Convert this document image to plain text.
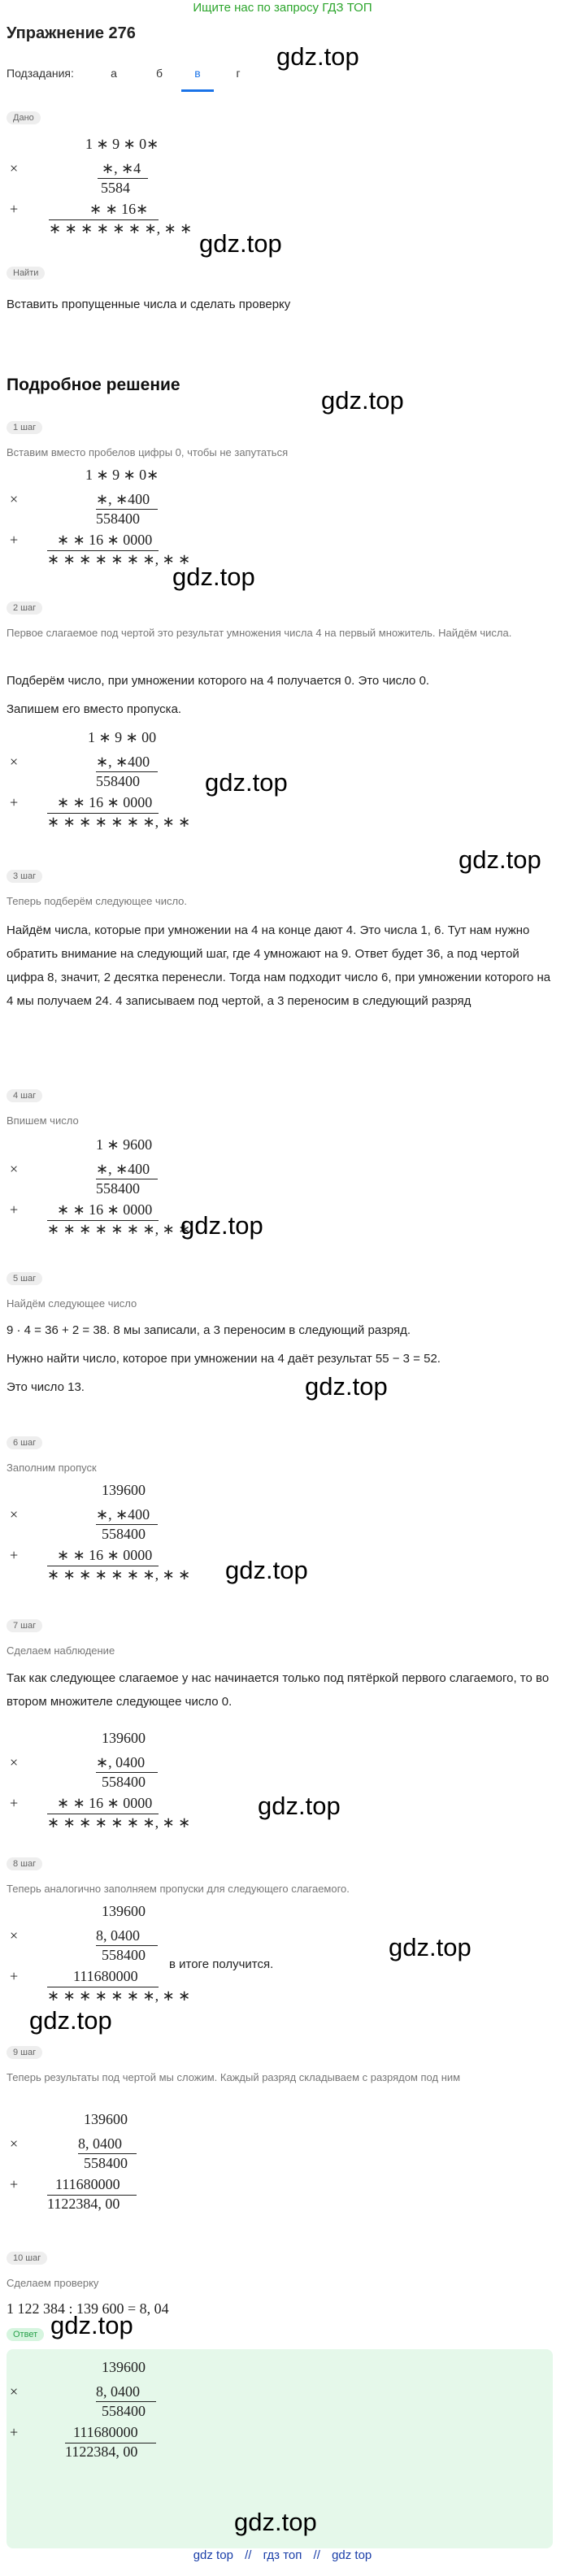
Ищите нас по запросу ГДЗ ТОП
Упражнение 276
gdz.top
Подзадания:	а	б	в	г
Дано
1 ∗ 9 ∗ 0∗
×	∗, ∗4
5584
+	∗ ∗ 16∗
∗ ∗ ∗ ∗ ∗ ∗ ∗, ∗ ∗
gdz.top
Найти
Вставить пропущенные числа и сделать проверку
Подробное решение
gdz.top
1 шаг
Вставим вместо пробелов цифры 0, чтобы не запутаться
1 ∗ 9 ∗ 0∗
×	∗, ∗400
558400
+	∗ ∗ 16 ∗ 0000
∗ ∗ ∗ ∗ ∗ ∗ ∗, ∗ ∗
gdz.top
2 шаг
Первое слагаемое под чертой это результат умножения числа 4 на первый множитель. Найдём числа.
Подберём число, при умножении которого на 4 получается 0. Это число 0.
Запишем его вместо пропуска.
1 ∗ 9 ∗ 00
×	∗, ∗400
558400
+	∗ ∗ 16 ∗ 0000
∗ ∗ ∗ ∗ ∗ ∗ ∗, ∗ ∗
gdz.top
gdz.top
3 шаг
Теперь подберём следующее число.
Найдём числа, которые при умножении на 4 на конце дают 4. Это числа 1, 6. Тут нам нужно обратить внимание на следующий шаг, где 4 умножают на 9. Ответ будет 36, а под чертой цифра 8, значит, 2 десятка перенесли. Тогда нам подходит число 6, при умножении которого на 4 мы получаем 24. 4 записываем под чертой, а 3 переносим в следующий разряд
4 шаг
Впишем число
1 ∗ 9600
×	∗, ∗400
558400
+	∗ ∗ 16 ∗ 0000
∗ ∗ ∗ ∗ ∗ ∗ ∗, ∗ ∗
gdz.top
5 шаг
Найдём следующее число
9 · 4 = 36 + 2 = 38. 8 мы записали, а 3 переносим в следующий разряд.
Нужно найти число, которое при умножении на 4 даёт результат 55 − 3 = 52.
Это число 13.	gdz.top
6 шаг
Заполним пропуск
139600
×	∗, ∗400
558400
+	∗ ∗ 16 ∗ 0000
∗ ∗ ∗ ∗ ∗ ∗ ∗, ∗ ∗ gdz.top
7 шаг
Сделаем наблюдение
Так как следующее слагаемое у нас начинается только под пятёркой первого слагаемого, то во втором множителе следующее число 0.
139600
×	∗, 0400
558400
+	∗ ∗ 16 ∗ 0000
∗ ∗ ∗ ∗ ∗ ∗ ∗, ∗ ∗
gdz.top
8 шаг
Теперь аналогично заполняем пропуски для следующего слагаемого.
139600
×	8, 0400
558400
+	111680000
∗ ∗ ∗ ∗ ∗ ∗ ∗, ∗ ∗
в итоге получится.
gdz.top
gdz.top
9 шаг
Теперь результаты под чертой мы сложим. Каждый разряд складываем с разрядом под ним
139600
×	8, 0400
558400
+	111680000
1122384, 00
10 шаг
Сделаем проверку
1 122 384 : 139 600 = 8, 04
gdz.top
Ответ
139600
×	8, 0400
558400
+	111680000
1122384, 00
gdz.top
gdz top // гдз топ // gdz top
